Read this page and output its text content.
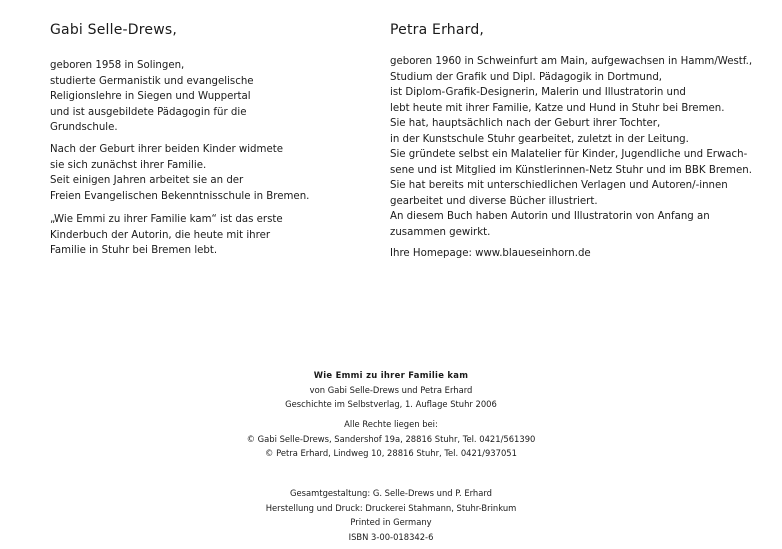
Gabi Selle-Drews,
geboren 1958 in Solingen,
studierte Germanistik und evangelische
Religionslehre in Siegen und Wuppertal
und ist ausgebildete Pädagogin für die
Grundschule.
Nach der Geburt ihrer beiden Kinder widmete
sie sich zunächst ihrer Familie.
Seit einigen Jahren arbeitet sie an der
Freien Evangelischen Bekenntnisschule in Bremen.
„Wie Emmi zu ihrer Familie kam“ ist das erste
Kinderbuch der Autorin, die heute mit ihrer
Familie in Stuhr bei Bremen lebt.
Petra Erhard,
geboren 1960 in Schweinfurt am Main, aufgewachsen in Hamm/Westf.,
Studium der Grafik und Dipl. Pädagogik in Dortmund,
ist Diplom-Grafik-Designerin, Malerin und Illustratorin und
lebt heute mit ihrer Familie, Katze und Hund in Stuhr bei Bremen.
Sie hat, hauptsächlich nach der Geburt ihrer Tochter,
in der Kunstschule Stuhr gearbeitet, zuletzt in der Leitung.
Sie gründete selbst ein Malatelier für Kinder, Jugendliche und Erwach-
sene und ist Mitglied im Künstlerinnen-Netz Stuhr und im BBK Bremen.
Sie hat bereits mit unterschiedlichen Verlagen und Autoren/-innen
gearbeitet und diverse Bücher illustriert.
An diesem Buch haben Autorin und Illustratorin von Anfang an
zusammen gewirkt.
Ihre Homepage: www.blaueseinhorn.de
Wie Emmi zu ihrer Familie kam
von Gabi Selle-Drews und Petra Erhard
Geschichte im Selbstverlag, 1. Auflage Stuhr 2006
Alle Rechte liegen bei:
© Gabi Selle-Drews, Sandershof 19a, 28816 Stuhr, Tel. 0421/561390
© Petra Erhard, Lindweg 10, 28816 Stuhr, Tel. 0421/937051
Gesamtgestaltung: G. Selle-Drews und P. Erhard
Herstellung und Druck: Druckerei Stahmann, Stuhr-Brinkum
Printed in Germany
ISBN 3-00-018342-6
